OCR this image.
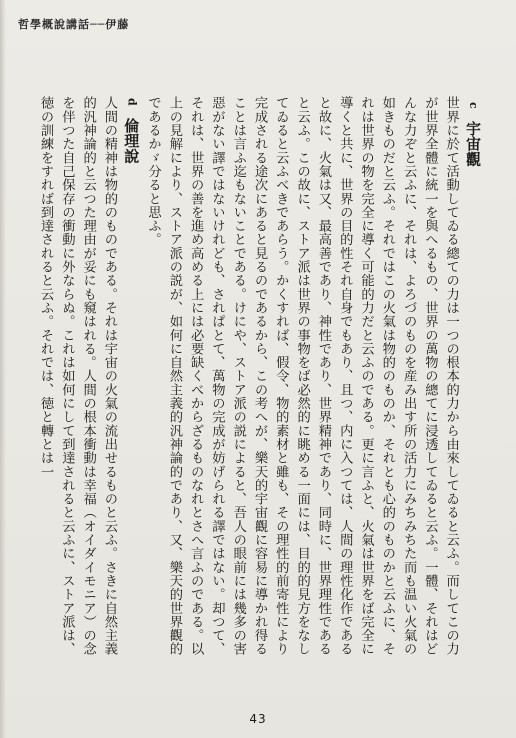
哲學概說講話──伊藤

c 宇宙觀

世界に於て活動してゐる總ての力は一つの根本的力から由來してゐると云ふ。而してこの力が世界全體に統一を與へるもの、世界の萬物の總てに浸透してゐると云ふ。一體、それはどんな力ぞと云ふに、それは、よろづのものを産み出す所の活力にみちみちた而も温い火氣の如きものだと云ふ。それではこの火氣は物的のものか、それとも心的のものかと云ふに、それは世界の物を完全に導く可能的力だと云ふのである。更に言ふと、火氣は世界をば完全に導くと共に、世界の目的性それ自身でもあり、且つ、内に入つては、人間の理性化作であると故に、火氣は又、最高善であり、神性であり、世界精神であり、同時に、世界理性であると云ふ。この故に、ストア派は世界の事物をば必然的に眺める一面には、目的的見方をなしてゐると云ふべきであらう。かくすれば、假令、物的素材と雖も、その理性的前寄性により完成される途次にあると見るのであるから、この考へが、樂天的宇宙觀に容易に導かれ得ることは言ふ迄もないことである。けにや、ストア派の説によると、吾人の眼前には幾多の害惡がない譯ではないけれども、されぱとて、萬物の完成が妨げられる譯ではない。却つて、それは、世界の善を進め高める上には必要缺くべからざるものなれとさへ言ふのである。以上の見解により、ストア派の説が、如何に自然主義的汎神論的であり、又、樂天的世界觀的であるかゞ分ると思ふ。

d 倫理說

人間の精神は物的のものである。それは宇宙の火氣の流出せるものと云ふ。さきに自然主義的汎神論的と云つた理由が妥にも窺はれる。人間の根本衝動は幸福（オイダイモニア）の念を伴つた自己保存の衝動に外ならぬ。これは如何にして到達されると云ふに、ストア派は、徳の訓練をすれば到達されると云ふ。それでは、徳と轉とは一

43
